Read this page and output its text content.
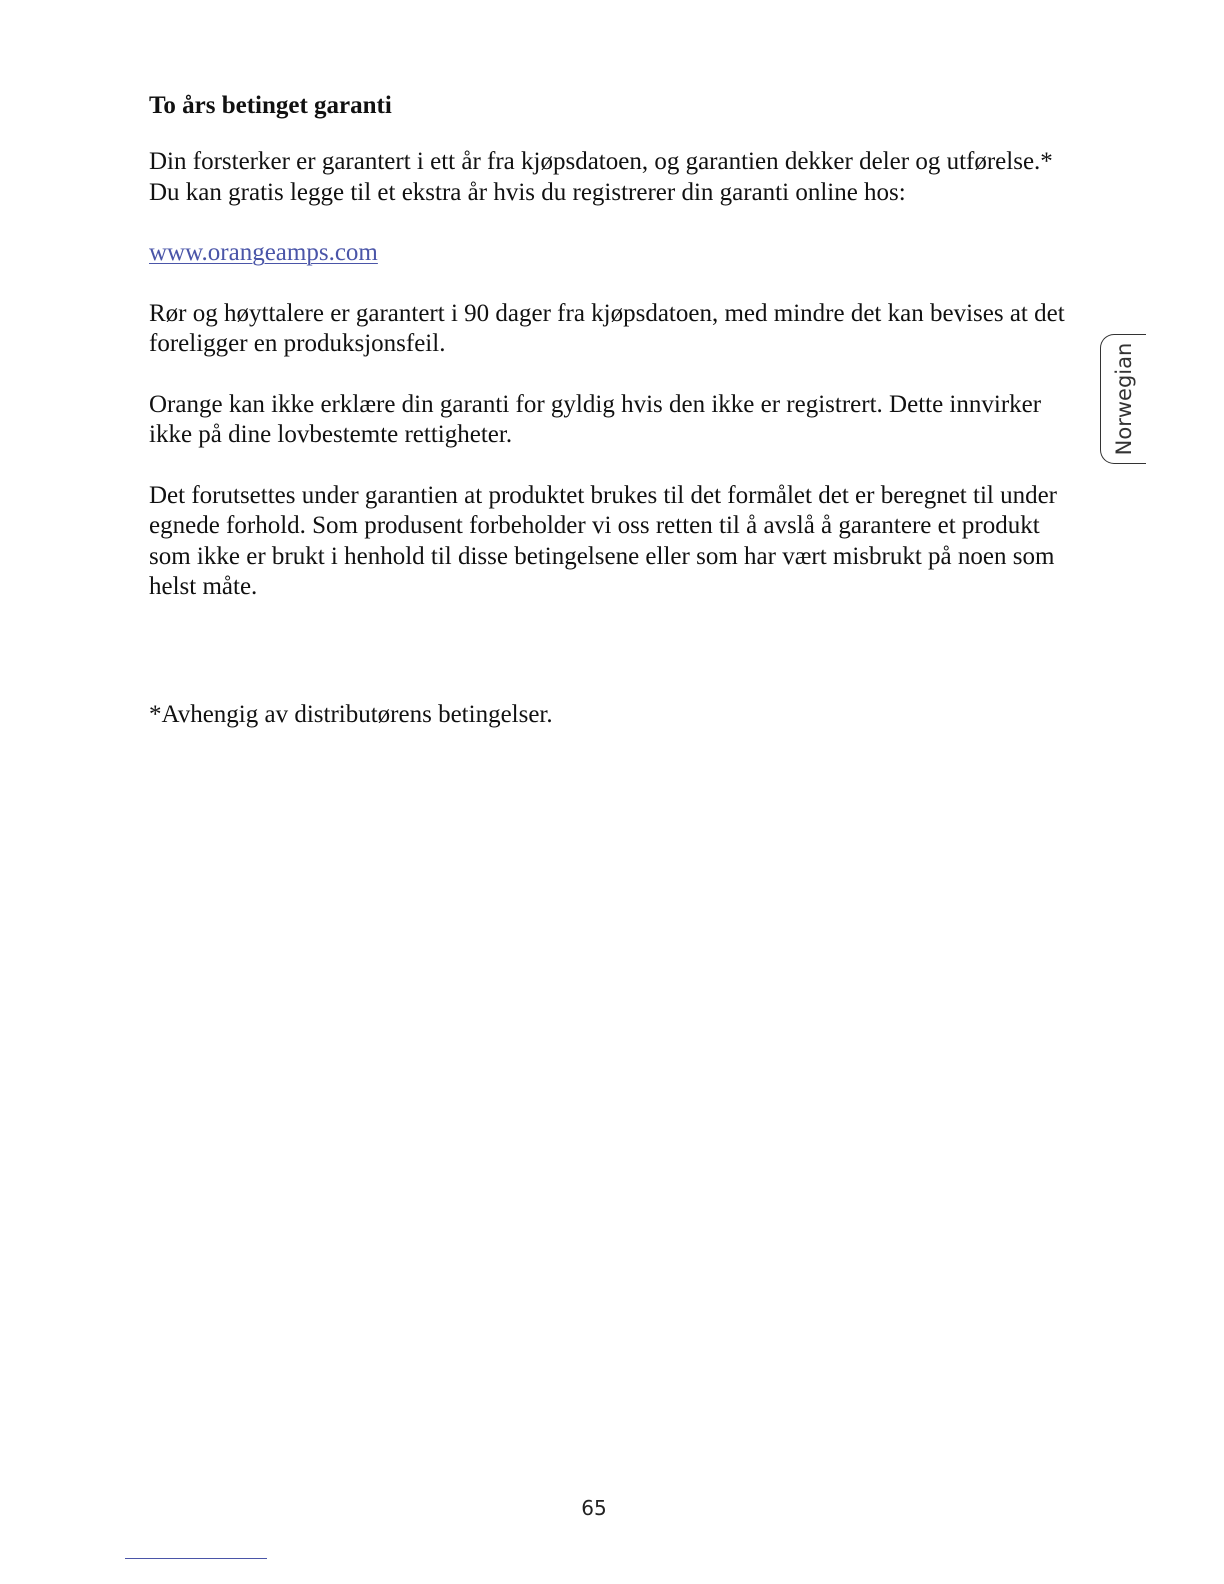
To års betinget garanti
Din forsterker er garantert i ett år fra kjøpsdatoen, og garantien dekker deler og utførelse.* Du kan gratis legge til et ekstra år hvis du registrerer din garanti online hos:
www.orangeamps.com
Rør og høyttalere er garantert i 90 dager fra kjøpsdatoen, med mindre det kan bevises at det foreligger en produksjonsfeil.
Orange kan ikke erklære din garanti for gyldig hvis den ikke er registrert. Dette innvirker ikke på dine lovbestemte rettigheter.
Det forutsettes under garantien at produktet brukes til det formålet det er beregnet til under egnede forhold. Som produsent forbeholder vi oss retten til å avslå å garantere et produkt som ikke er brukt i henhold til disse betingelsene eller som har vært misbrukt på noen som helst måte.
*Avhengig av distributørens betingelser.
Norwegian
65
